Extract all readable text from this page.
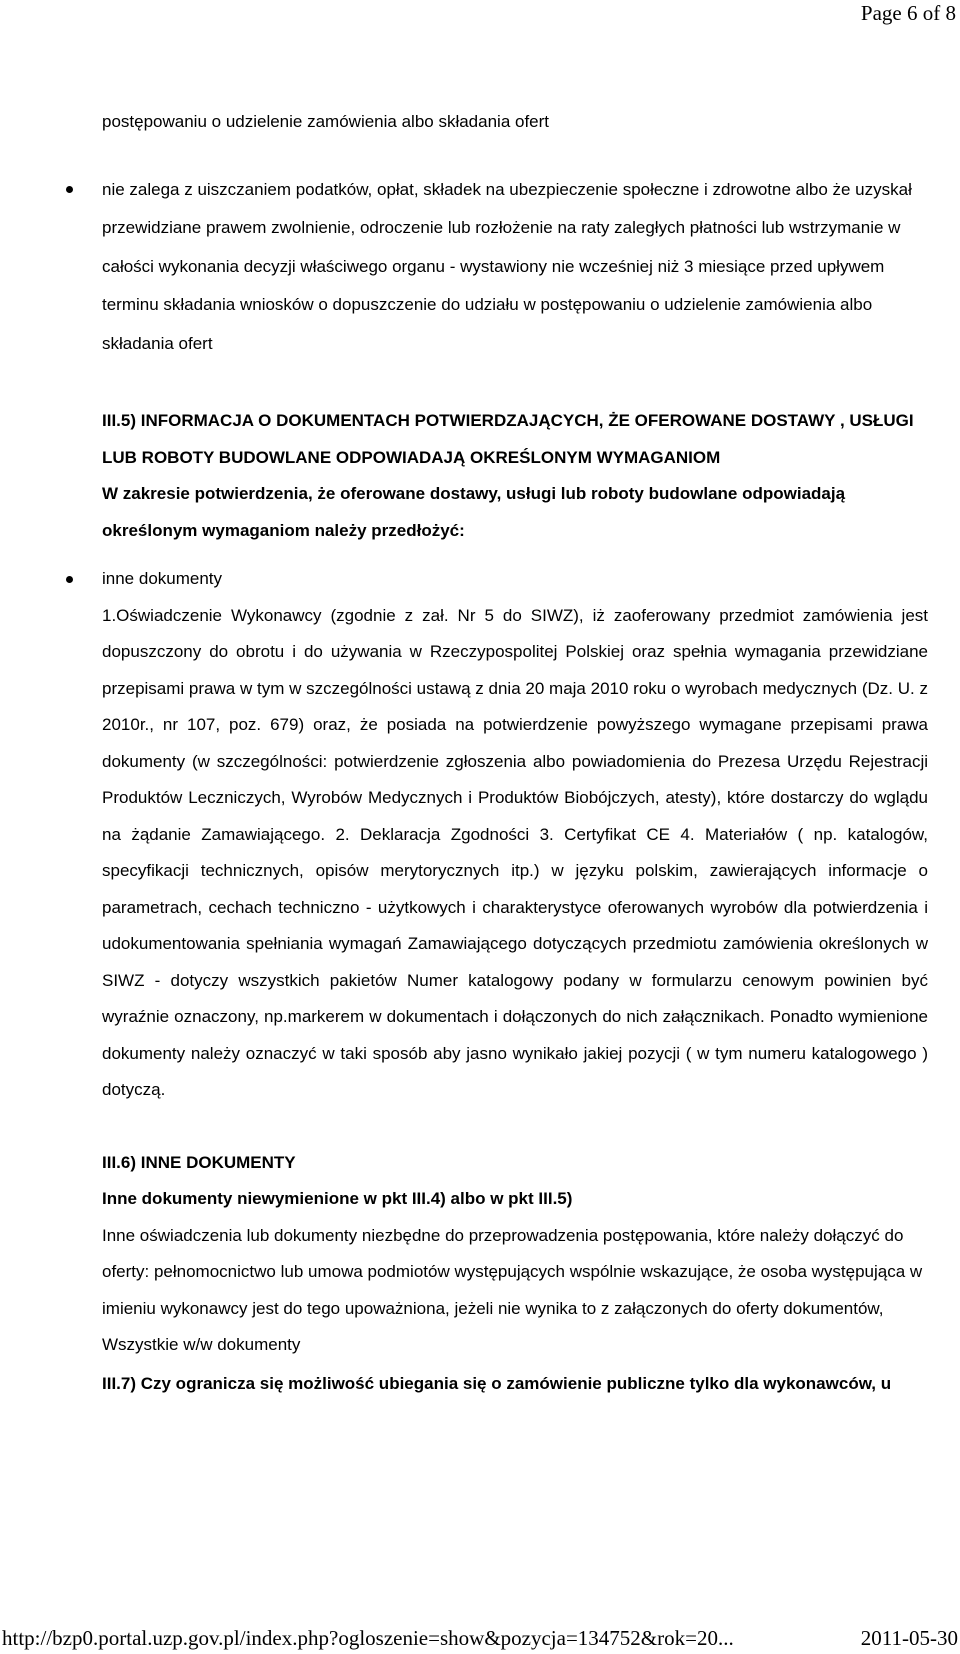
Page 6 of 8

postępowaniu o udzielenie zamówienia albo składania ofert

nie zalega z uiszczaniem podatków, opłat, składek na ubezpieczenie społeczne i zdrowotne albo że uzyskał przewidziane prawem zwolnienie, odroczenie lub rozłożenie na raty zaległych płatności lub wstrzymanie w całości wykonania decyzji właściwego organu - wystawiony nie wcześniej niż 3 miesiące przed upływem terminu składania wniosków o dopuszczenie do udziału w postępowaniu o udzielenie zamówienia albo składania ofert

III.5) INFORMACJA O DOKUMENTACH POTWIERDZAJĄCYCH, ŻE OFEROWANE DOSTAWY , USŁUGI LUB ROBOTY BUDOWLANE ODPOWIADAJĄ OKREŚLONYM WYMAGANIOM

W zakresie potwierdzenia, że oferowane dostawy, usługi lub roboty budowlane odpowiadają określonym wymaganiom należy przedłożyć:

inne dokumenty

1.Oświadczenie Wykonawcy (zgodnie z zał. Nr 5 do SIWZ), iż zaoferowany przedmiot zamówienia jest dopuszczony do obrotu i do używania w Rzeczypospolitej Polskiej oraz spełnia wymagania przewidziane przepisami prawa w tym w szczególności ustawą z dnia 20 maja 2010 roku o wyrobach medycznych (Dz. U. z 2010r., nr 107, poz. 679) oraz, że posiada na potwierdzenie powyższego wymagane przepisami prawa dokumenty (w szczególności: potwierdzenie zgłoszenia albo powiadomienia do Prezesa Urzędu Rejestracji Produktów Leczniczych, Wyrobów Medycznych i Produktów Biobójczych, atesty), które dostarczy do wglądu na żądanie Zamawiającego. 2. Deklaracja Zgodności 3. Certyfikat CE 4. Materiałów ( np. katalogów, specyfikacji technicznych, opisów merytorycznych itp.) w języku polskim, zawierających informacje o parametrach, cechach techniczno - użytkowych i charakterystyce oferowanych wyrobów dla potwierdzenia i udokumentowania spełniania wymagań Zamawiającego dotyczących przedmiotu zamówienia określonych w SIWZ - dotyczy wszystkich pakietów Numer katalogowy podany w formularzu cenowym powinien być wyraźnie oznaczony, np.markerem w dokumentach i dołączonych do nich załącznikach. Ponadto wymienione dokumenty należy oznaczyć w taki sposób aby jasno wynikało jakiej pozycji ( w tym numeru katalogowego ) dotyczą.

III.6) INNE DOKUMENTY

Inne dokumenty niewymienione w pkt III.4) albo w pkt III.5)

Inne oświadczenia lub dokumenty niezbędne do przeprowadzenia postępowania, które należy dołączyć do oferty: pełnomocnictwo lub umowa podmiotów występujących wspólnie wskazujące, że osoba występująca w imieniu wykonawcy jest do tego upoważniona, jeżeli nie wynika to z załączonych do oferty dokumentów, Wszystkie w/w dokumenty

III.7) Czy ogranicza się możliwość ubiegania się o zamówienie publiczne tylko dla wykonawców, u

http://bzp0.portal.uzp.gov.pl/index.php?ogloszenie=show&pozycja=134752&rok=20...	2011-05-30
